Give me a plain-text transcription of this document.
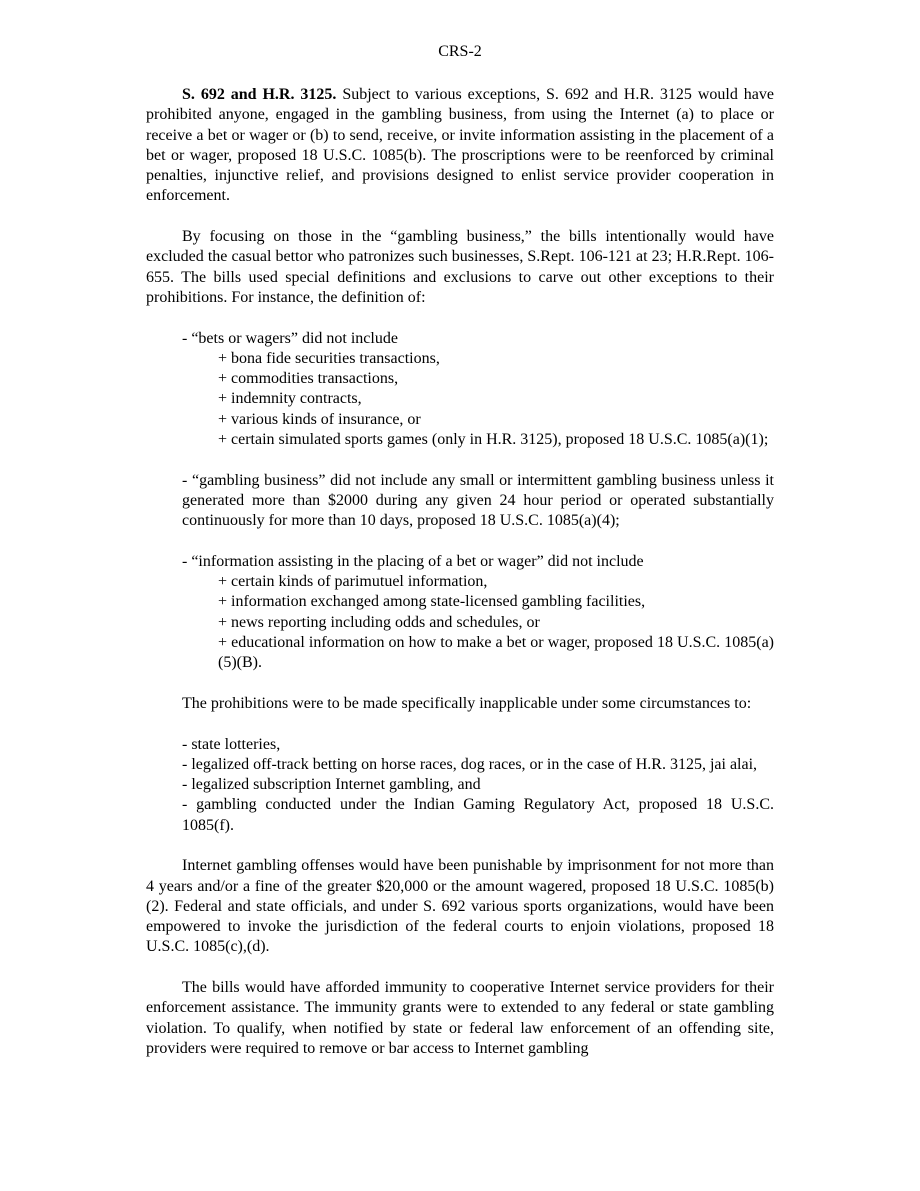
CRS-2

S. 692 and H.R. 3125. Subject to various exceptions, S. 692 and H.R. 3125 would have prohibited anyone, engaged in the gambling business, from using the Internet (a) to place or receive a bet or wager or (b) to send, receive, or invite information assisting in the placement of a bet or wager, proposed 18 U.S.C. 1085(b). The proscriptions were to be reenforced by criminal penalties, injunctive relief, and provisions designed to enlist service provider cooperation in enforcement.

By focusing on those in the “gambling business,” the bills intentionally would have excluded the casual bettor who patronizes such businesses, S.Rept. 106-121 at 23; H.R.Rept. 106-655. The bills used special definitions and exclusions to carve out other exceptions to their prohibitions. For instance, the definition of:

- “bets or wagers” did not include
+ bona fide securities transactions,
+ commodities transactions,
+ indemnity contracts,
+ various kinds of insurance, or
+ certain simulated sports games (only in H.R. 3125), proposed 18 U.S.C. 1085(a)(1);
- “gambling business” did not include any small or intermittent gambling business unless it generated more than $2000 during any given 24 hour period or operated substantially continuously for more than 10 days, proposed 18 U.S.C. 1085(a)(4);
- “information assisting in the placing of a bet or wager” did not include
+ certain kinds of parimutuel information,
+ information exchanged among state-licensed gambling facilities,
+ news reporting including odds and schedules, or
+ educational information on how to make a bet or wager, proposed 18 U.S.C. 1085(a)(5)(B).

The prohibitions were to be made specifically inapplicable under some circumstances to:

- state lotteries,
- legalized off-track betting on horse races, dog races, or in the case of H.R. 3125, jai alai,
- legalized subscription Internet gambling, and
- gambling conducted under the Indian Gaming Regulatory Act, proposed 18 U.S.C. 1085(f).

Internet gambling offenses would have been punishable by imprisonment for not more than 4 years and/or a fine of the greater $20,000 or the amount wagered, proposed 18 U.S.C. 1085(b)(2). Federal and state officials, and under S. 692 various sports organizations, would have been empowered to invoke the jurisdiction of the federal courts to enjoin violations, proposed 18 U.S.C. 1085(c),(d).

The bills would have afforded immunity to cooperative Internet service providers for their enforcement assistance. The immunity grants were to extended to any federal or state gambling violation. To qualify, when notified by state or federal law enforcement of an offending site, providers were required to remove or bar access to Internet gambling
